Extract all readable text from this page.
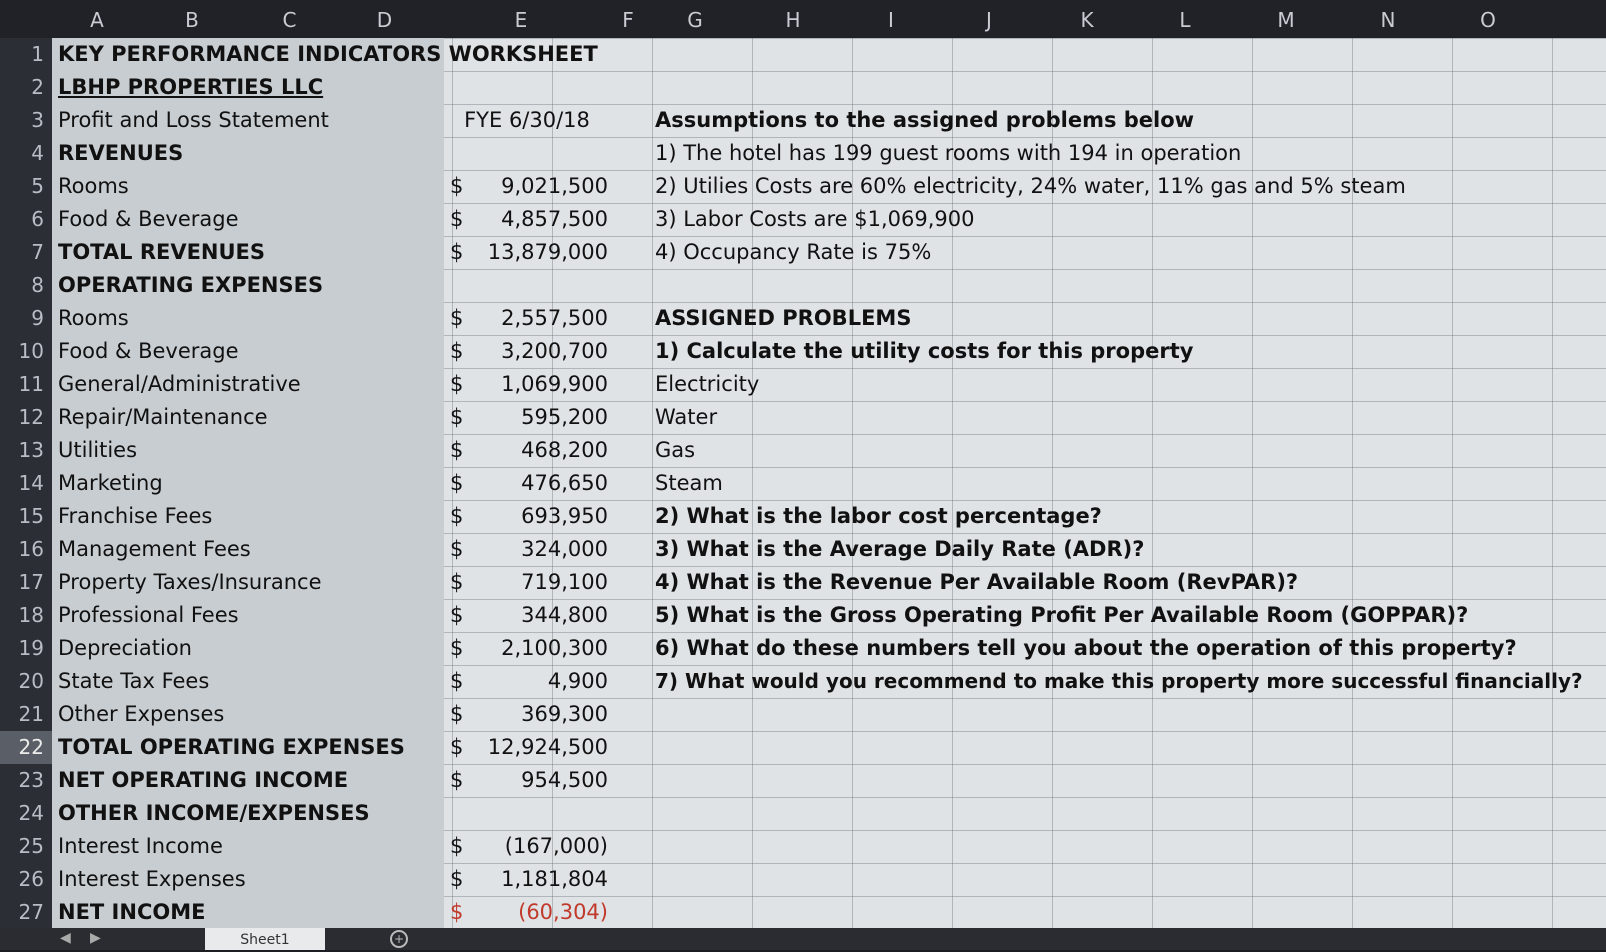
A	B	C	D	E	F	G	H	I	J	K	L	M	N	O
1
2
3
4
5
6
7
8
9
10
11
12
13
14
15
16
17
18
19
20
21
22
23
24
25
26
27
KEY PERFORMANCE INDICATORS WORKSHEET
LBHP PROPERTIES LLC
Profit and Loss Statement	FYE 6/30/18
REVENUES
Rooms	$	9,021,500
Food & Beverage	$	4,857,500
TOTAL REVENUES	$	13,879,000
OPERATING EXPENSES
Rooms	$	2,557,500
Food & Beverage	$	3,200,700
General/Administrative	$	1,069,900
Repair/Maintenance	$	595,200
Utilities	$	468,200
Marketing	$	476,650
Franchise Fees	$	693,950
Management Fees	$	324,000
Property Taxes/Insurance	$	719,100
Professional Fees	$	344,800
Depreciation	$	2,100,300
State Tax Fees	$	4,900
Other Expenses	$	369,300
TOTAL OPERATING EXPENSES $	12,924,500
NET OPERATING INCOME	$	954,500
OTHER INCOME/EXPENSES
Interest Income	$	(167,000)
Interest Expenses	$	1,181,804
NET INCOME	$	(60,304)
Assumptions to the assigned problems below
1) The hotel has 199 guest rooms with 194 in operation
2) Utilies Costs are 60% electricity, 24% water, 11% gas and 5% steam
3) Labor Costs are $1,069,900
4) Occupancy Rate is 75%
ASSIGNED PROBLEMS
1) Calculate the utility costs for this property
Electricity
Water
Gas
Steam
2) What is the labor cost percentage?
3) What is the Average Daily Rate (ADR)?
4) What is the Revenue Per Available Room (RevPAR)?
5) What is the Gross Operating Profit Per Available Room (GOPPAR)?
6) What do these numbers tell you about the operation of this property?
7) What would you recommend to make this property more successful financially?
◀ ▶	Sheet1	+
